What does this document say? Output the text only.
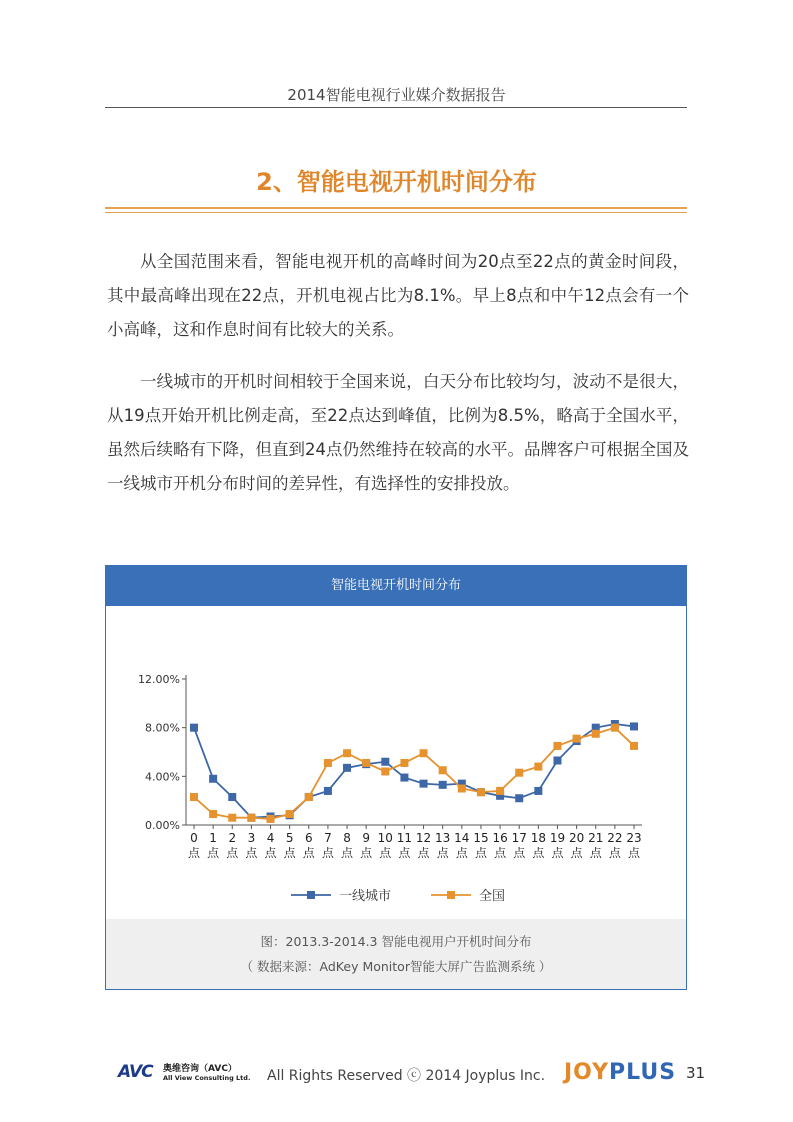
2014智能电视行业媒介数据报告
2、智能电视开机时间分布

从全国范围来看，智能电视开机的高峰时间为20点至22点的黄金时间段，其中最高峰出现在22点，开机电视占比为8.1%。早上8点和中午12点会有一个小高峰，这和作息时间有比较大的关系。

一线城市的开机时间相较于全国来说，白天分布比较均匀，波动不是很大，从19点开始开机比例走高，至22点达到峰值，比例为8.5%，略高于全国水平，虽然后续略有下降，但直到24点仍然维持在较高的水平。品牌客户可根据全国及一线城市开机分布时间的差异性，有选择性的安排投放。

智能电视开机时间分布
0.00%
4.00%
8.00%
12.00%
0
点
1
点
2
点
3
点
4
点
5
点
6
点
7
点
8
点
9
点
10
点
11
点
12
点
13
点
14
点
15
点
16
点
17
点
18
点
19
点
20
点
21
点
22
点
23
点
一线城市	全国
图：2013.3-2014.3 智能电视用户开机时间分布
（ 数据来源：AdKey Monitor智能大屏广告监测系统 ）
AVC 奥维咨询（AVC）
All View Consulting Ltd. All Rights Reserved ⓒ 2014 Joyplus Inc. JOYPLUS 31
